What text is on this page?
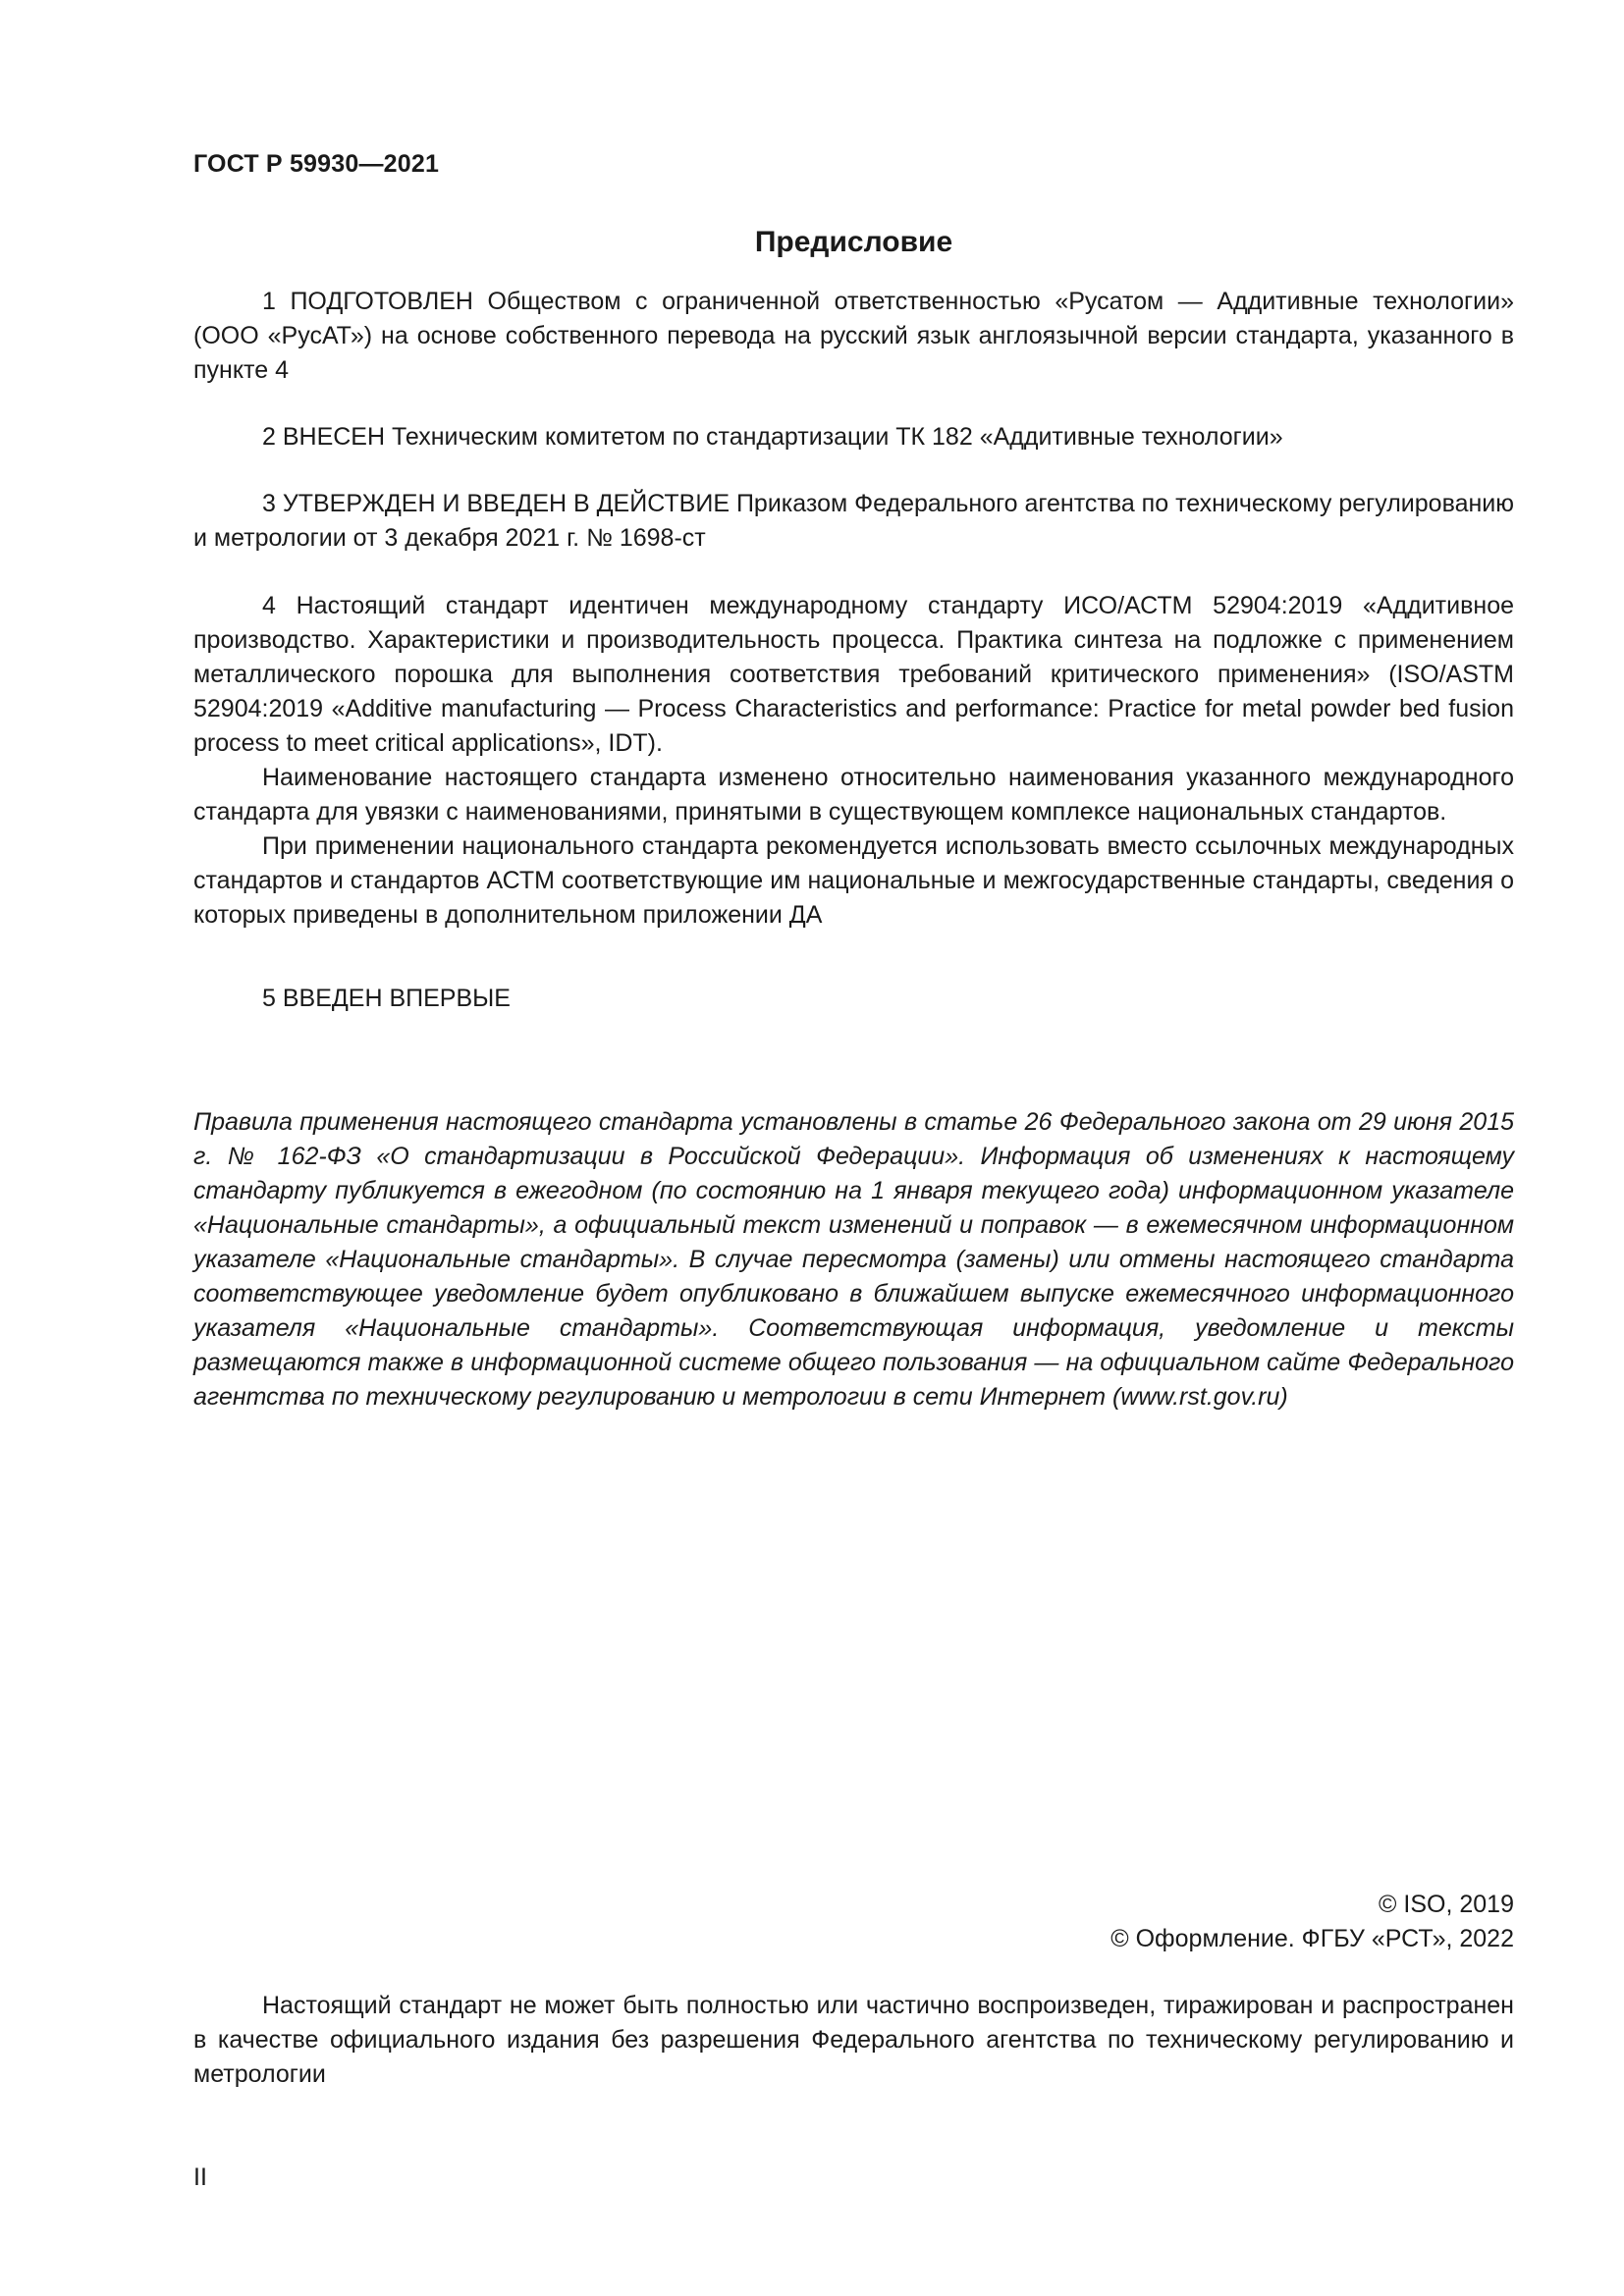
ГОСТ Р 59930—2021
Предисловие

1 ПОДГОТОВЛЕН Обществом с ограниченной ответственностью «Русатом — Аддитивные технологии» (ООО «РусАТ») на основе собственного перевода на русский язык англоязычной версии стандарта, указанного в пункте 4

2 ВНЕСЕН Техническим комитетом по стандартизации ТК 182 «Аддитивные технологии»

3 УТВЕРЖДЕН И ВВЕДЕН В ДЕЙСТВИЕ Приказом Федерального агентства по техническому регулированию и метрологии от 3 декабря 2021 г. № 1698-ст

4 Настоящий стандарт идентичен международному стандарту ИСО/АСТМ 52904:2019 «Аддитивное производство. Характеристики и производительность процесса. Практика синтеза на подложке с применением металлического порошка для выполнения соответствия требований критического применения» (ISO/ASTM 52904:2019 «Additive manufacturing — Process Characteristics and performance: Practice for metal powder bed fusion process to meet critical applications», IDT).

Наименование настоящего стандарта изменено относительно наименования указанного международного стандарта для увязки с наименованиями, принятыми в существующем комплексе национальных стандартов.

При применении национального стандарта рекомендуется использовать вместо ссылочных международных стандартов и стандартов АСТМ соответствующие им национальные и межгосударственные стандарты, сведения о которых приведены в дополнительном приложении ДА

5 ВВЕДЕН ВПЕРВЫЕ

Правила применения настоящего стандарта установлены в статье 26 Федерального закона от 29 июня 2015 г. № 162-ФЗ «О стандартизации в Российской Федерации». Информация об изменениях к настоящему стандарту публикуется в ежегодном (по состоянию на 1 января текущего года) информационном указателе «Национальные стандарты», а официальный текст изменений и поправок — в ежемесячном информационном указателе «Национальные стандарты». В случае пересмотра (замены) или отмены настоящего стандарта соответствующее уведомление будет опубликовано в ближайшем выпуске ежемесячного информационного указателя «Национальные стандарты». Соответствующая информация, уведомление и тексты размещаются также в информационной системе общего пользования — на официальном сайте Федерального агентства по техническому регулированию и метрологии в сети Интернет (www.rst.gov.ru)
© ISO, 2019
© Оформление. ФГБУ «РСТ», 2022

Настоящий стандарт не может быть полностью или частично воспроизведен, тиражирован и распространен в качестве официального издания без разрешения Федерального агентства по техническому регулированию и метрологии

II
